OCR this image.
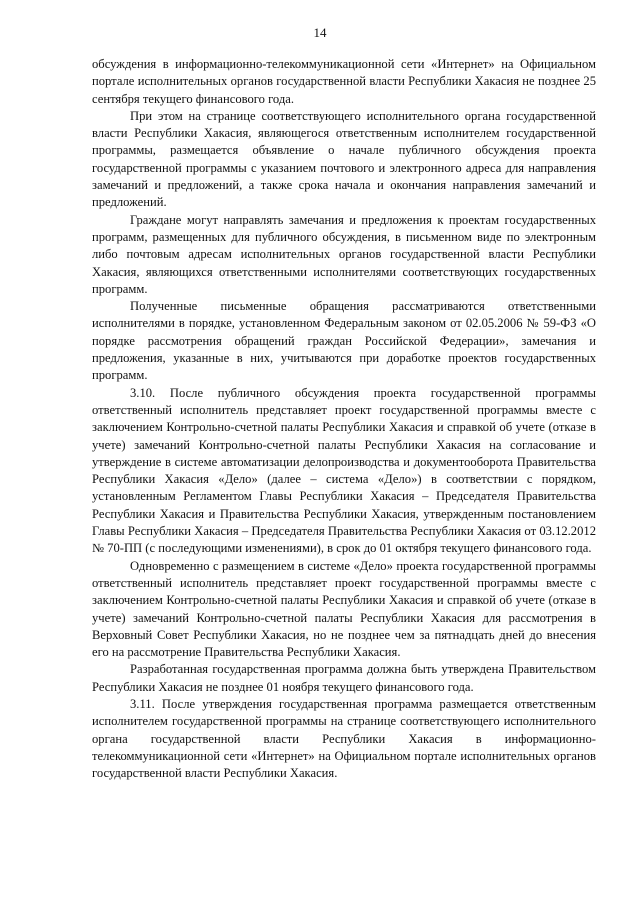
14

обсуждения в информационно-телекоммуникационной сети «Интернет» на Официальном портале исполнительных органов государственной власти Республики Хакасия не позднее 25 сентября текущего финансового года.

При этом на странице соответствующего исполнительного органа государственной власти Республики Хакасия, являющегося ответственным исполнителем государственной программы, размещается объявление о начале публичного обсуждения проекта государственной программы с указанием почтового и электронного адреса для направления замечаний и предложений, а также срока начала и окончания направления замечаний и предложений.

Граждане могут направлять замечания и предложения к проектам государственных программ, размещенных для публичного обсуждения, в письменном виде по электронным либо почтовым адресам исполнительных органов государственной власти Республики Хакасия, являющихся ответственными исполнителями соответствующих государственных программ.

Полученные письменные обращения рассматриваются ответственными исполнителями в порядке, установленном Федеральным законом от 02.05.2006 № 59-ФЗ «О порядке рассмотрения обращений граждан Российской Федерации», замечания и предложения, указанные в них, учитываются при доработке проектов государственных программ.

3.10. После публичного обсуждения проекта государственной программы ответственный исполнитель представляет проект государственной программы вместе с заключением Контрольно-счетной палаты Республики Хакасия и справкой об учете (отказе в учете) замечаний Контрольно-счетной палаты Республики Хакасия на согласование и утверждение в системе автоматизации делопроизводства и документооборота Правительства Республики Хакасия «Дело» (далее – система «Дело») в соответствии с порядком, установленным Регламентом Главы Республики Хакасия – Председателя Правительства Республики Хакасия и Правительства Республики Хакасия, утвержденным постановлением Главы Республики Хакасия – Председателя Правительства Республики Хакасия от 03.12.2012 № 70-ПП (с последующими изменениями), в срок до 01 октября текущего финансового года.

Одновременно с размещением в системе «Дело» проекта государственной программы ответственный исполнитель представляет проект государственной программы вместе с заключением Контрольно-счетной палаты Республики Хакасия и справкой об учете (отказе в учете) замечаний Контрольно-счетной палаты Республики Хакасия для рассмотрения в Верховный Совет Республики Хакасия, но не позднее чем за пятнадцать дней до внесения его на рассмотрение Правительства Республики Хакасия.

Разработанная государственная программа должна быть утверждена Правительством Республики Хакасия не позднее 01 ноября текущего финансового года.

3.11. После утверждения государственная программа размещается ответственным исполнителем государственной программы на странице соответствующего исполнительного органа государственной власти Республики Хакасия в информационно-телекоммуникационной сети «Интернет» на Официальном портале исполнительных органов государственной власти Республики Хакасия.
